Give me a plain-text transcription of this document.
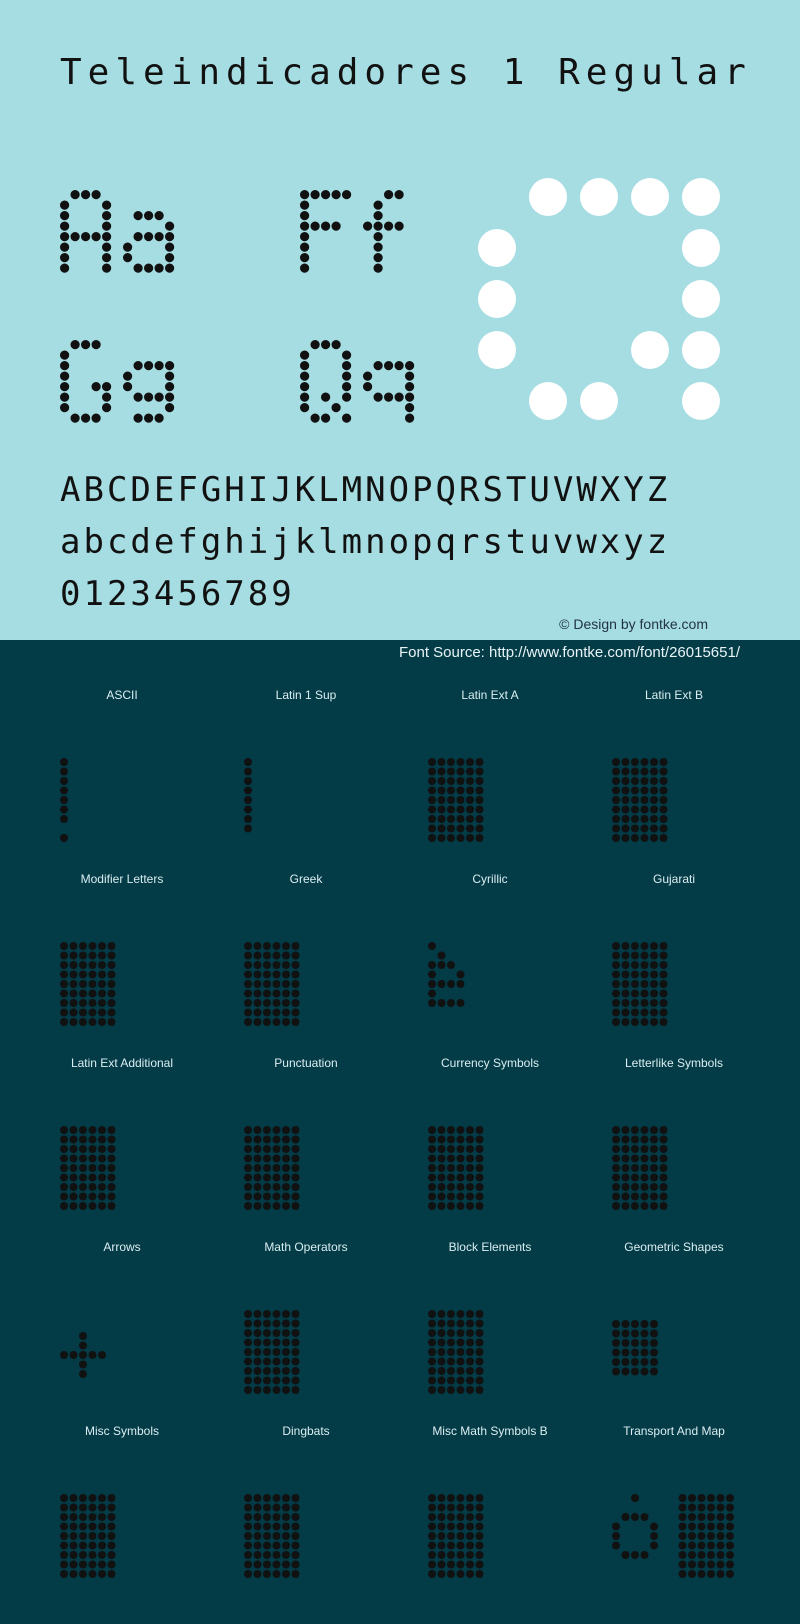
Teleindicadores 1 Regular
ABCDEFGHIJKLMNOPQRSTUVWXYZ
abcdefghijklmnopqrstuvwxyz
0123456789
© Design by fontke.com
Font Source: http://www.fontke.com/font/26015651/
ASCII	Latin 1 Sup	Latin Ext A	Latin Ext B
Modifier Letters	Greek	Cyrillic	Gujarati
Latin Ext Additional	Punctuation	Currency Symbols	Letterlike Symbols
Arrows	Math Operators	Block Elements	Geometric Shapes
Misc Symbols	Dingbats	Misc Math Symbols B	Transport And Map
